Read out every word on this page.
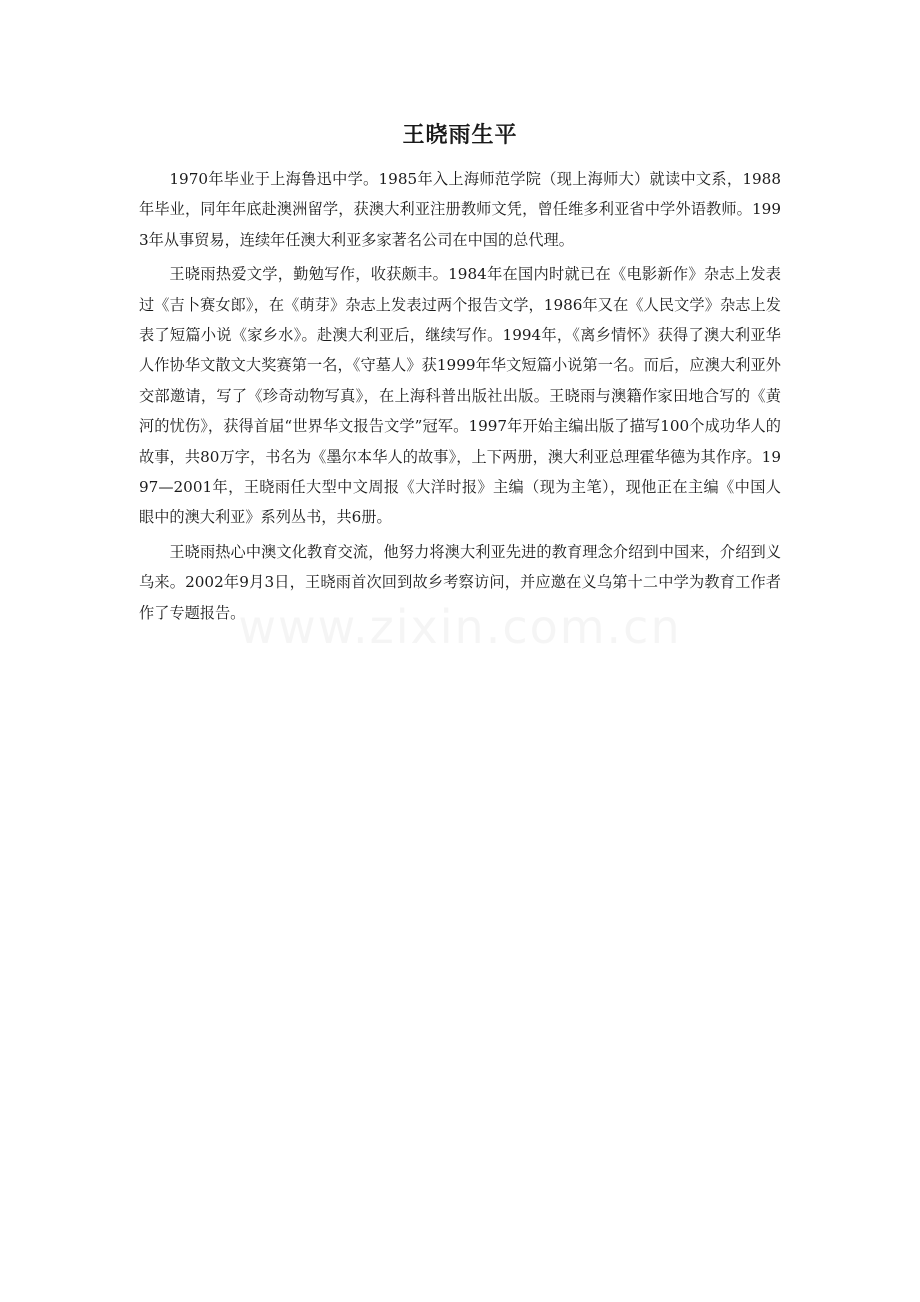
王晓雨生平

1970年毕业于上海鲁迅中学。1985年入上海师范学院（现上海师大）就读中文系，1988年毕业，同年年底赴澳洲留学，获澳大利亚注册教师文凭，曾任维多利亚省中学外语教师。1993年从事贸易，连续年任澳大利亚多家著名公司在中国的总代理。

王晓雨热爱文学，勤勉写作，收获颇丰。1984年在国内时就已在《电影新作》杂志上发表过《吉卜赛女郎》，在《萌芽》杂志上发表过两个报告文学，1986年又在《人民文学》杂志上发表了短篇小说《家乡水》。赴澳大利亚后，继续写作。1994年，《离乡情怀》获得了澳大利亚华人作协华文散文大奖赛第一名，《守墓人》获1999年华文短篇小说第一名。而后，应澳大利亚外交部邀请，写了《珍奇动物写真》，在上海科普出版社出版。王晓雨与澳籍作家田地合写的《黄河的忧伤》，获得首届“世界华文报告文学”冠军。1997年开始主编出版了描写100个成功华人的故事，共80万字，书名为《墨尔本华人的故事》，上下两册，澳大利亚总理霍华德为其作序。1997—2001年，王晓雨任大型中文周报《大洋时报》主编（现为主笔），现他正在主编《中国人眼中的澳大利亚》系列丛书，共6册。

王晓雨热心中澳文化教育交流，他努力将澳大利亚先进的教育理念介绍到中国来，介绍到义乌来。2002年9月3日，王晓雨首次回到故乡考察访问，并应邀在义乌第十二中学为教育工作者作了专题报告。

www.zixin.com.cn
